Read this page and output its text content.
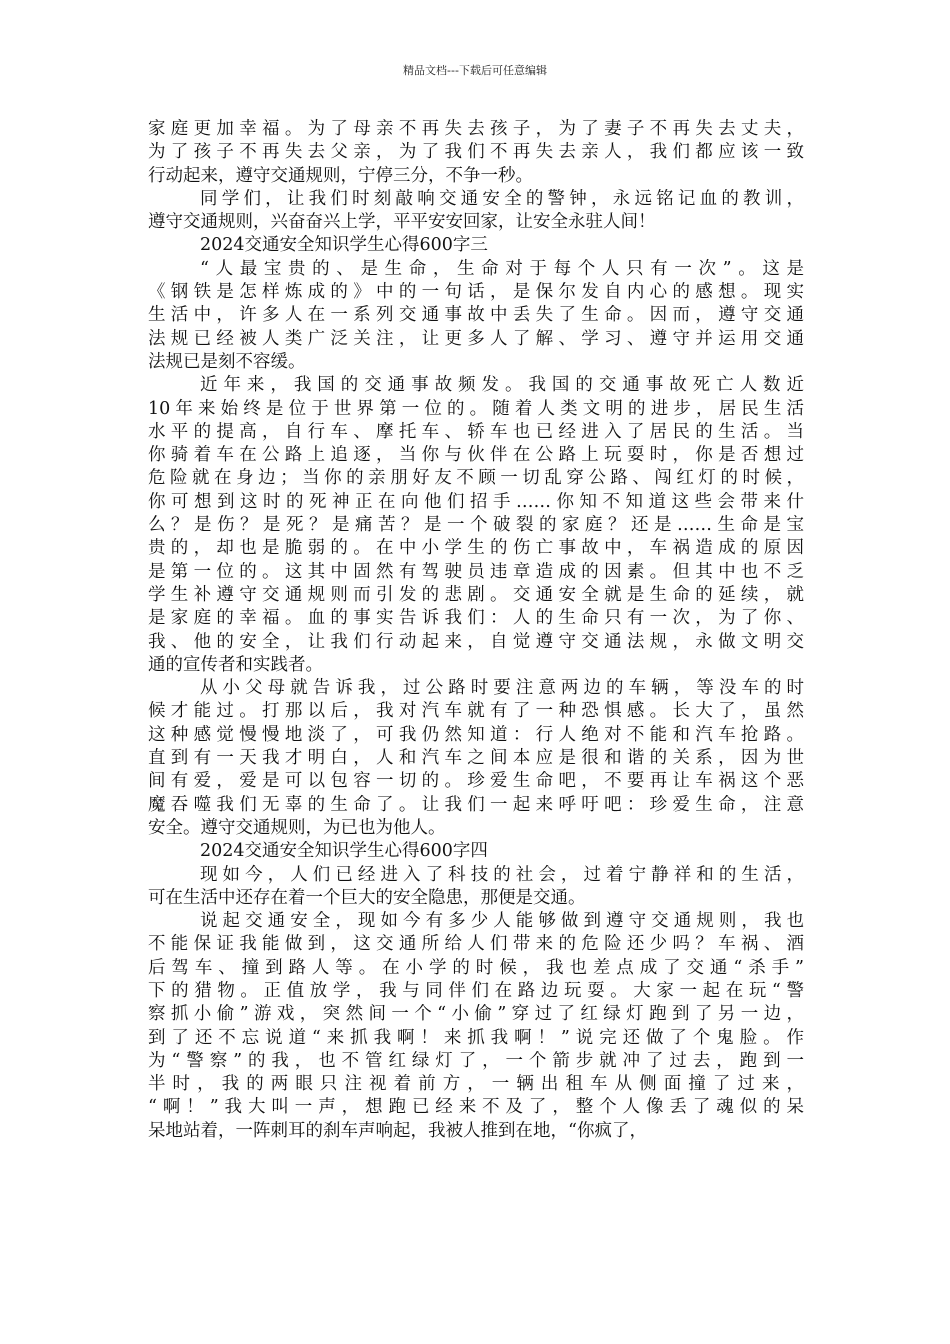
精品文档---下载后可任意编辑
家庭更加幸福。为了母亲不再失去孩子，为了妻子不再失去丈夫，
为了孩子不再失去父亲，为了我们不再失去亲人，我们都应该一致
行动起来，遵守交通规则，宁停三分，不争一秒。
同学们，让我们时刻敲响交通安全的警钟，永远铭记血的教训，
遵守交通规则，兴奋奋兴上学，平平安安回家，让安全永驻人间！
2024交通安全知识学生心得600字三
“人最宝贵的、是生命，生命对于每个人只有一次”。这是
《钢铁是怎样炼成的》中的一句话，是保尔发自内心的感想。现实
生活中，许多人在一系列交通事故中丢失了生命。因而，遵守交通
法规已经被人类广泛关注，让更多人了解、学习、遵守并运用交通
法规已是刻不容缓。
近年来，我国的交通事故频发。我国的交通事故死亡人数近
10年来始终是位于世界第一位的。随着人类文明的进步，居民生活
水平的提高，自行车、摩托车、轿车也已经进入了居民的生活。当
你骑着车在公路上追逐，当你与伙伴在公路上玩耍时，你是否想过
危险就在身边；当你的亲朋好友不顾一切乱穿公路、闯红灯的时候，
你可想到这时的死神正在向他们招手……你知不知道这些会带来什
么？是伤？是死？是痛苦？是一个破裂的家庭？还是……生命是宝
贵的，却也是脆弱的。在中小学生的伤亡事故中，车祸造成的原因
是第一位的。这其中固然有驾驶员违章造成的因素。但其中也不乏
学生补遵守交通规则而引发的悲剧。交通安全就是生命的延续，就
是家庭的幸福。血的事实告诉我们：人的生命只有一次，为了你、
我、他的安全，让我们行动起来，自觉遵守交通法规，永做文明交
通的宣传者和实践者。
从小父母就告诉我，过公路时要注意两边的车辆，等没车的时
候才能过。打那以后，我对汽车就有了一种恐惧感。长大了，虽然
这种感觉慢慢地淡了，可我仍然知道：行人绝对不能和汽车抢路。
直到有一天我才明白，人和汽车之间本应是很和谐的关系，因为世
间有爱，爱是可以包容一切的。珍爱生命吧，不要再让车祸这个恶
魔吞噬我们无辜的生命了。让我们一起来呼吁吧：珍爱生命，注意
安全。遵守交通规则，为已也为他人。
2024交通安全知识学生心得600字四
现如今，人们已经进入了科技的社会，过着宁静祥和的生活，
可在生活中还存在着一个巨大的安全隐患，那便是交通。
说起交通安全，现如今有多少人能够做到遵守交通规则，我也
不能保证我能做到，这交通所给人们带来的危险还少吗？车祸、酒
后驾车、撞到路人等。在小学的时候，我也差点成了交通“杀手”
下的猎物。正值放学，我与同伴们在路边玩耍。大家一起在玩“警
察抓小偷”游戏，突然间一个“小偷”穿过了红绿灯跑到了另一边，
到了还不忘说道“来抓我啊！来抓我啊！”说完还做了个鬼脸。作
为“警察”的我，也不管红绿灯了，一个箭步就冲了过去，跑到一
半时，我的两眼只注视着前方，一辆出租车从侧面撞了过来，
“啊！”我大叫一声，想跑已经来不及了，整个人像丢了魂似的呆
呆地站着，一阵刺耳的刹车声响起，我被人推到在地，“你疯了，
